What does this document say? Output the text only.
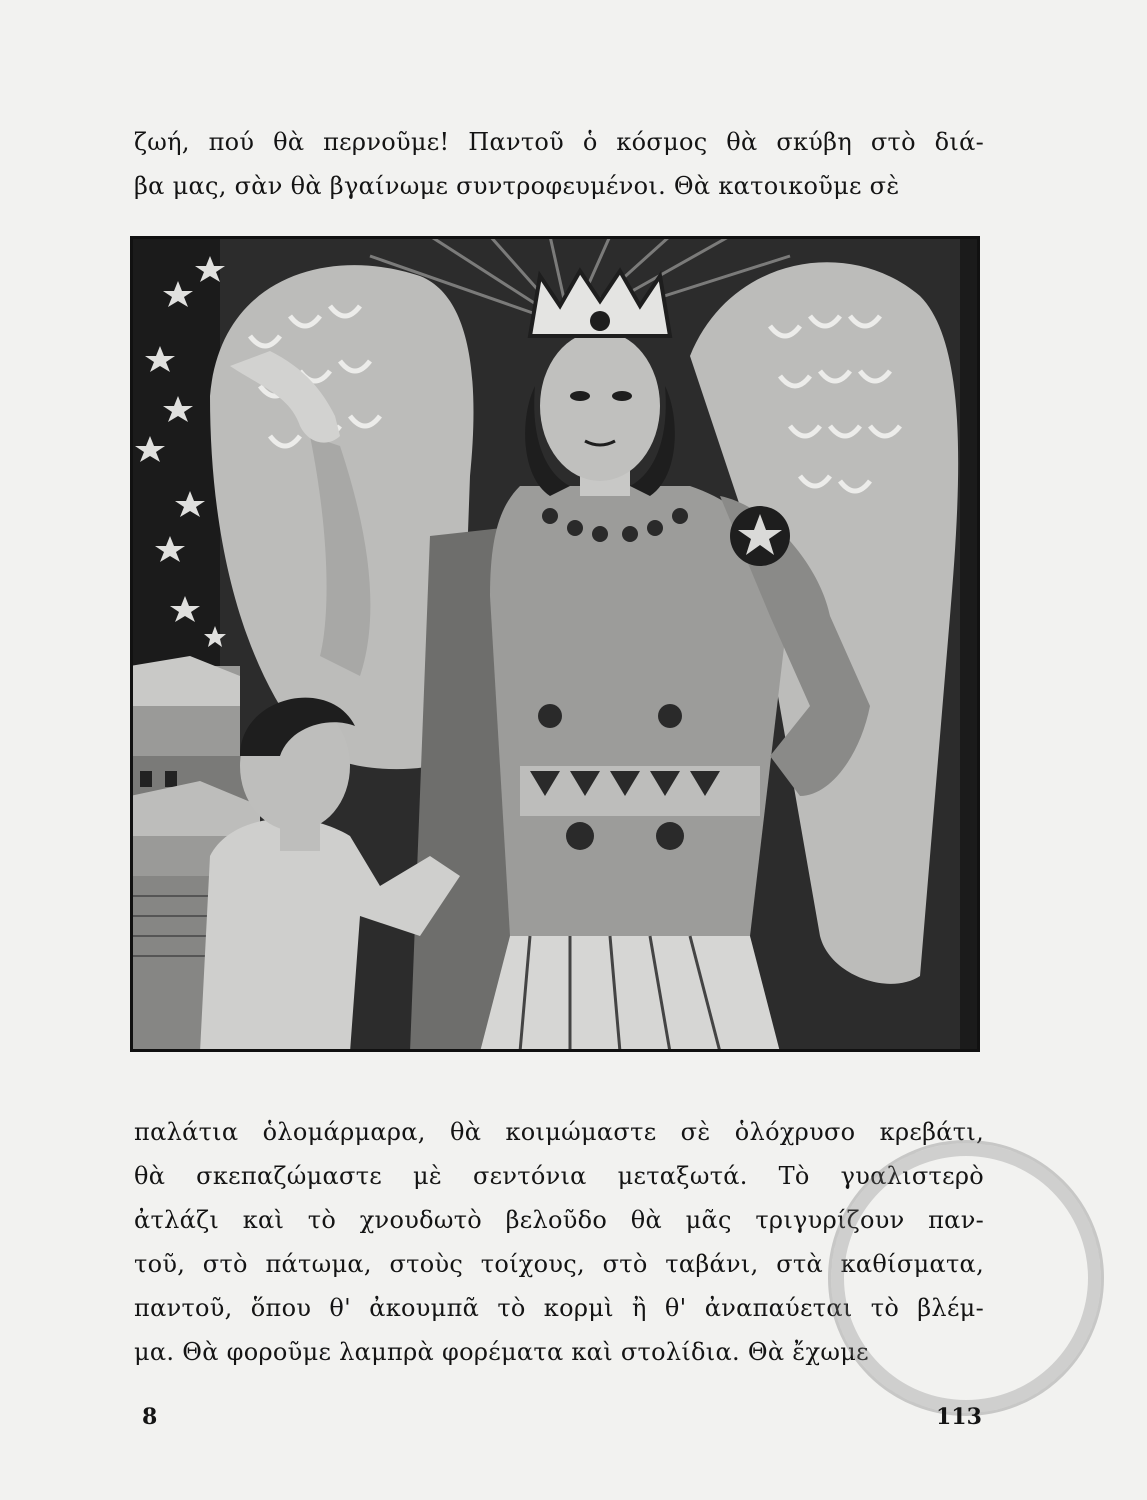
ζωή, πού θὰ περνοῦμε! Παντοῦ ὁ κόσμος θὰ σκύβη στὸ διά-
βα μας, σὰν θὰ βγαίνωμε συντροφευμένοι. Θὰ κατοικοῦμε σὲ
παλάτια ὁλομάρμαρα, θὰ κοιμώμαστε σὲ ὁλόχρυσο κρεβάτι,
θὰ σκεπαζώμαστε μὲ σεντόνια μεταξωτά. Τὸ γυαλιστερὸ
ἀτλάζι καὶ τὸ χνουδωτὸ βελοῦδο θὰ μᾶς τριγυρίζουν παν-
τοῦ, στὸ πάτωμα, στοὺς τοίχους, στὸ ταβάνι, στὰ καθίσματα,
παντοῦ, ὅπου θ' ἀκουμπᾶ τὸ κορμὶ ἢ θ' ἀναπαύεται τὸ βλέμ-
μα. Θὰ φοροῦμε λαμπρὰ φορέματα καὶ στολίδια. Θὰ ἔχωμε
8	113
